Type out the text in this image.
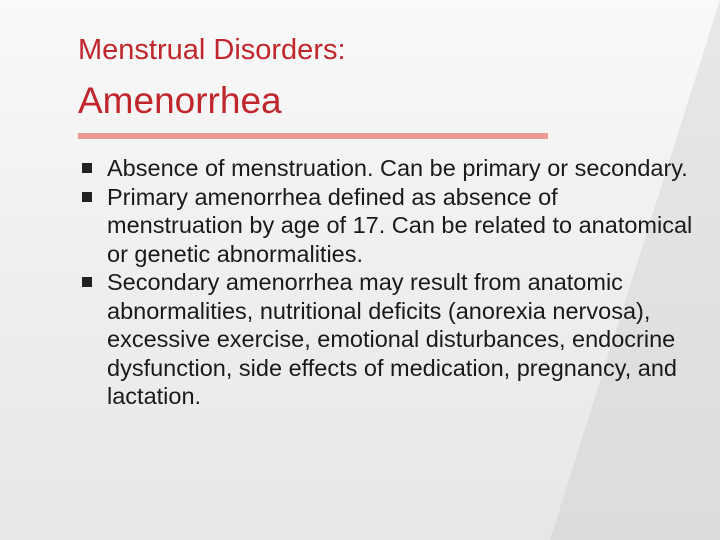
Menstrual Disorders:
Amenorrhea
Absence of menstruation. Can be primary or secondary.
Primary amenorrhea defined as absence of menstruation by age of 17. Can be related to anatomical or genetic abnormalities.
Secondary amenorrhea may result from anatomic abnormalities, nutritional deficits (anorexia nervosa), excessive exercise, emotional disturbances, endocrine dysfunction, side effects of medication, pregnancy, and lactation.
